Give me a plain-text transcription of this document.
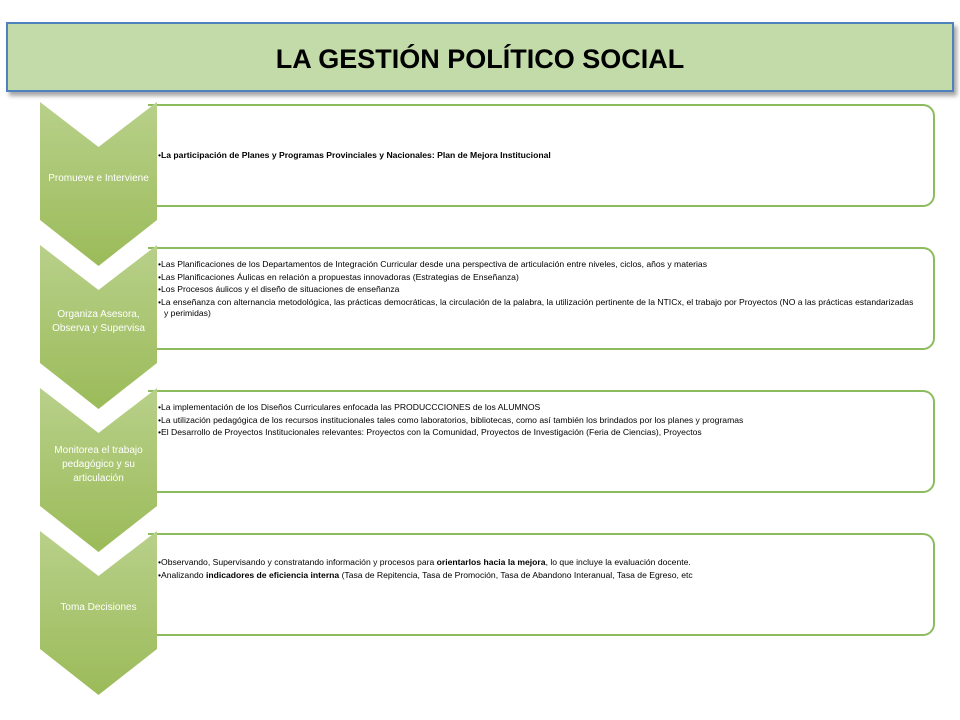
LA GESTIÓN POLÍTICO SOCIAL
• La participación de Planes y Programas Provinciales y Nacionales: Plan de Mejora Institucional
Promueve e Interviene
• Las Planificaciones de los Departamentos de Integración Curricular desde una perspectiva de articulación entre niveles, ciclos, años y materias
• Las Planificaciones Áulicas en relación a propuestas innovadoras (Estrategias de Enseñanza)
• Los Procesos áulicos y el diseño de situaciones de enseñanza
• La enseñanza con alternancia metodológica, las prácticas democráticas, la circulación de la palabra, la utilización pertinente de la NTICx, el trabajo por Proyectos (NO a las prácticas estandarizadas y perimidas)
Organiza Asesora, Observa y Supervisa
• La implementación de los Diseños Curriculares enfocada las PRODUCCCIONES de los ALUMNOS
• La utilización pedagógica de los recursos institucionales tales como laboratorios, bibliotecas, como así también los brindados por los planes y programas
• El Desarrollo de Proyectos Institucionales relevantes: Proyectos con la Comunidad, Proyectos de Investigación (Feria de Ciencias), Proyectos
Monitorea el trabajo pedagógico y su articulación
• Observando, Supervisando y constratando información y procesos para orientarlos hacia la mejora, lo que incluye la evaluación docente.
• Analizando indicadores de eficiencia interna (Tasa de Repitencia, Tasa de Promoción, Tasa de Abandono Interanual, Tasa de Egreso, etc
Toma Decisiones
